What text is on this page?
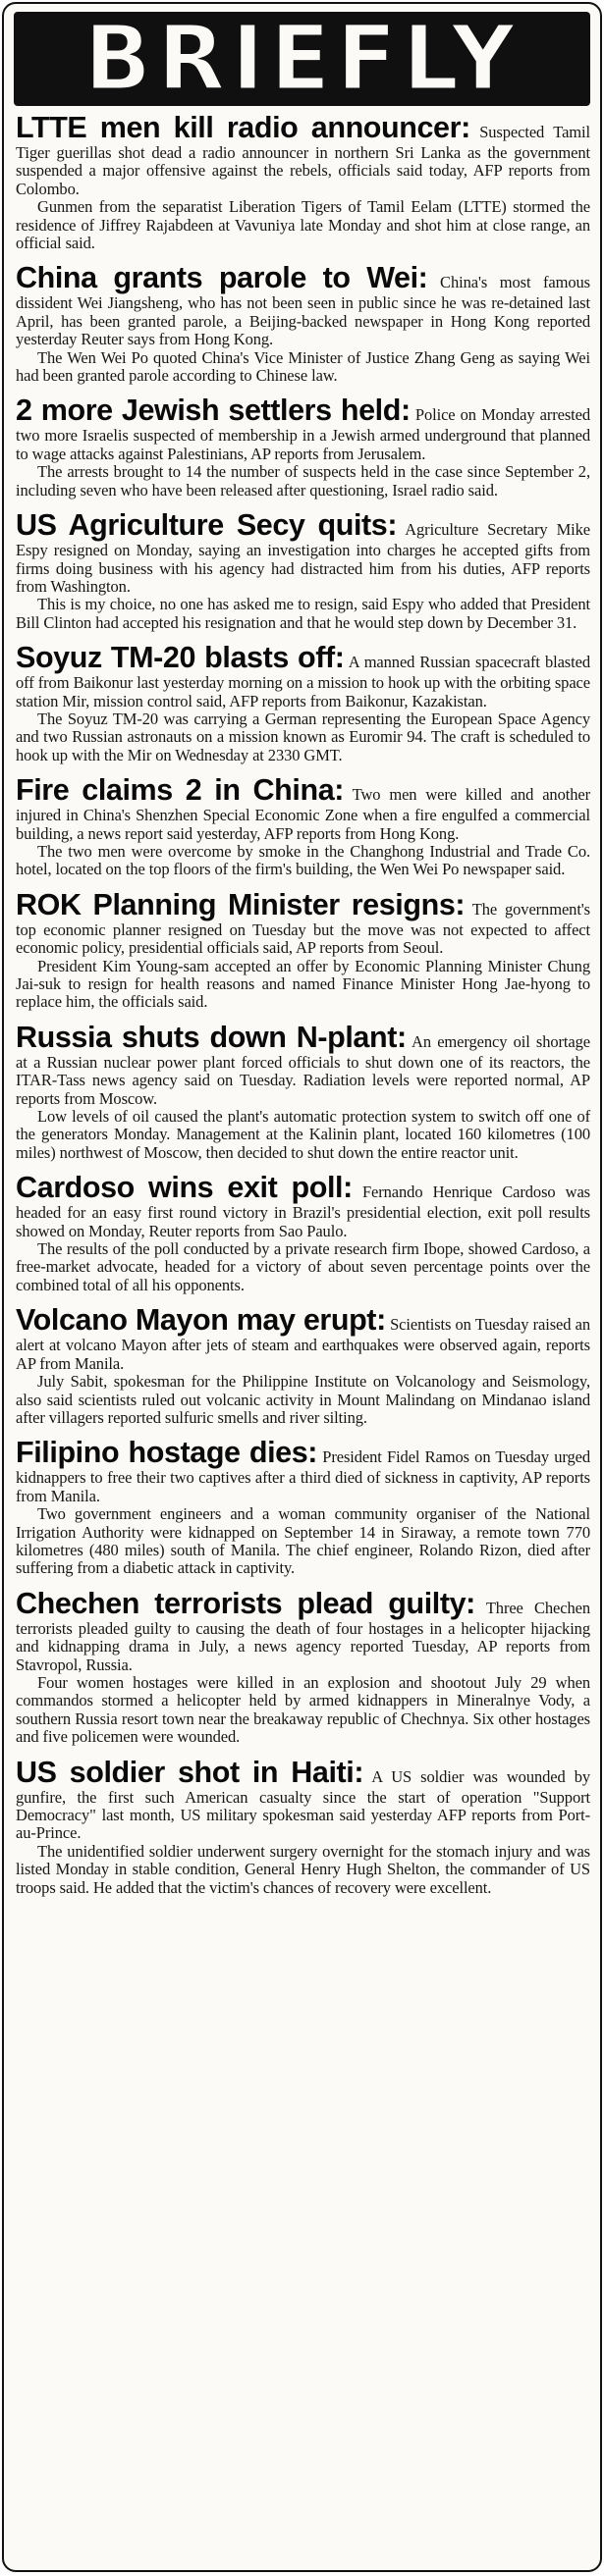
BRIEFLY

LTTE men kill radio announcer: Suspected Tamil Tiger guerillas shot dead a radio announcer in northern Sri Lanka as the government suspended a major offensive against the rebels, officials said today, AFP reports from Colombo.

Gunmen from the separatist Liberation Tigers of Tamil Eelam (LTTE) stormed the residence of Jiffrey Rajabdeen at Vavuniya late Monday and shot him at close range, an official said.

China grants parole to Wei: China's most famous dissident Wei Jiangsheng, who has not been seen in public since he was re-detained last April, has been granted parole, a Beijing-backed newspaper in Hong Kong reported yesterday Reuter says from Hong Kong.

The Wen Wei Po quoted China's Vice Minister of Justice Zhang Geng as saying Wei had been granted parole according to Chinese law.

2 more Jewish settlers held: Police on Monday arrested two more Israelis suspected of membership in a Jewish armed underground that planned to wage attacks against Palestinians, AP reports from Jerusalem.

The arrests brought to 14 the number of suspects held in the case since September 2, including seven who have been released after questioning, Israel radio said.

US Agriculture Secy quits: Agriculture Secretary Mike Espy resigned on Monday, saying an investigation into charges he accepted gifts from firms doing business with his agency had distracted him from his duties, AFP reports from Washington.

This is my choice, no one has asked me to resign, said Espy who added that President Bill Clinton had accepted his resignation and that he would step down by December 31.

Soyuz TM-20 blasts off: A manned Russian spacecraft blasted off from Baikonur last yesterday morning on a mission to hook up with the orbiting space station Mir, mission control said, AFP reports from Baikonur, Kazakistan.

The Soyuz TM-20 was carrying a German representing the European Space Agency and two Russian astronauts on a mission known as Euromir 94. The craft is scheduled to hook up with the Mir on Wednesday at 2330 GMT.

Fire claims 2 in China: Two men were killed and another injured in China's Shenzhen Special Economic Zone when a fire engulfed a commercial building, a news report said yesterday, AFP reports from Hong Kong.

The two men were overcome by smoke in the Changhong Industrial and Trade Co. hotel, located on the top floors of the firm's building, the Wen Wei Po newspaper said.

ROK Planning Minister resigns: The government's top economic planner resigned on Tuesday but the move was not expected to affect economic policy, presidential officials said, AP reports from Seoul.

President Kim Young-sam accepted an offer by Economic Planning Minister Chung Jai-suk to resign for health reasons and named Finance Minister Hong Jae-hyong to replace him, the officials said.

Russia shuts down N-plant: An emergency oil shortage at a Russian nuclear power plant forced officials to shut down one of its reactors, the ITAR-Tass news agency said on Tuesday. Radiation levels were reported normal, AP reports from Moscow.

Low levels of oil caused the plant's automatic protection system to switch off one of the generators Monday. Management at the Kalinin plant, located 160 kilometres (100 miles) northwest of Moscow, then decided to shut down the entire reactor unit.

Cardoso wins exit poll: Fernando Henrique Cardoso was headed for an easy first round victory in Brazil's presidential election, exit poll results showed on Monday, Reuter reports from Sao Paulo.

The results of the poll conducted by a private research firm Ibope, showed Cardoso, a free-market advocate, headed for a victory of about seven percentage points over the combined total of all his opponents.

Volcano Mayon may erupt: Scientists on Tuesday raised an alert at volcano Mayon after jets of steam and earthquakes were observed again, reports AP from Manila.

July Sabit, spokesman for the Philippine Institute on Volcanology and Seismology, also said scientists ruled out volcanic activity in Mount Malindang on Mindanao island after villagers reported sulfuric smells and river silting.

Filipino hostage dies: President Fidel Ramos on Tuesday urged kidnappers to free their two captives after a third died of sickness in captivity, AP reports from Manila.

Two government engineers and a woman community organiser of the National Irrigation Authority were kidnapped on September 14 in Siraway, a remote town 770 kilometres (480 miles) south of Manila. The chief engineer, Rolando Rizon, died after suffering from a diabetic attack in captivity.

Chechen terrorists plead guilty: Three Chechen terrorists pleaded guilty to causing the death of four hostages in a helicopter hijacking and kidnapping drama in July, a news agency reported Tuesday, AP reports from Stavropol, Russia.

Four women hostages were killed in an explosion and shootout July 29 when commandos stormed a helicopter held by armed kidnappers in Mineralnye Vody, a southern Russia resort town near the breakaway republic of Chechnya. Six other hostages and five policemen were wounded.

US soldier shot in Haiti: A US soldier was wounded by gunfire, the first such American casualty since the start of operation "Support Democracy" last month, US military spokesman said yesterday AFP reports from Port-au-Prince.

The unidentified soldier underwent surgery overnight for the stomach injury and was listed Monday in stable condition, General Henry Hugh Shelton, the commander of US troops said. He added that the victim's chances of recovery were excellent.
